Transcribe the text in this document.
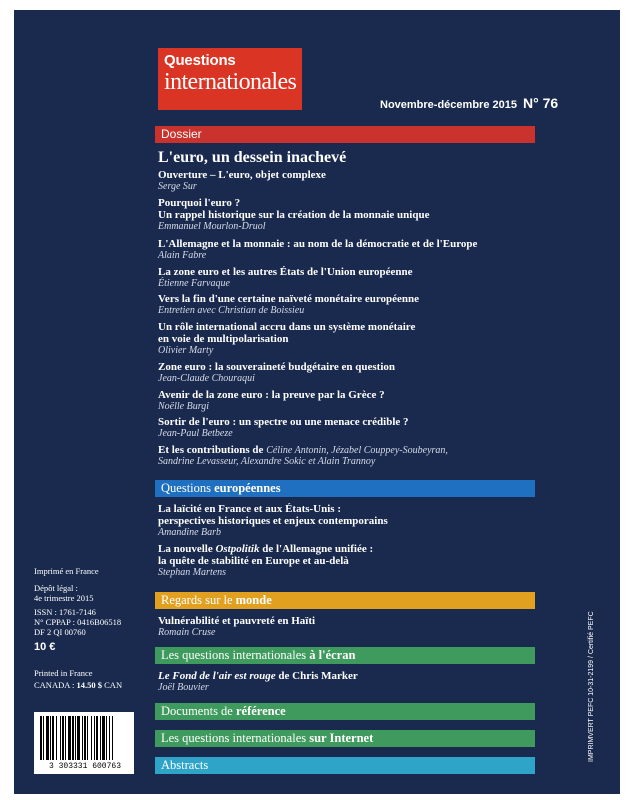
Questions
internationales
Novembre-décembre 2015 N° 76
Dossier
L'euro, un dessein inachevé
Ouverture – L'euro, objet complexe
Serge Sur
Pourquoi l'euro ?
Un rappel historique sur la création de la monnaie unique
Emmanuel Mourlon-Druol
L'Allemagne et la monnaie : au nom de la démocratie et de l'Europe
Alain Fabre
La zone euro et les autres États de l'Union européenne
Étienne Farvaque
Vers la fin d'une certaine naïveté monétaire européenne
Entretien avec Christian de Boissieu
Un rôle international accru dans un système monétaire
en voie de multipolarisation
Olivier Marty
Zone euro : la souveraineté budgétaire en question
Jean-Claude Chouraqui
Avenir de la zone euro : la preuve par la Grèce ?
Noëlle Burgi
Sortir de l'euro : un spectre ou une menace crédible ?
Jean-Paul Betbeze
Et les contributions de Céline Antonin, Jézabel Couppey-Soubeyran,
Sandrine Levasseur, Alexandre Sokic et Alain Trannoy
Questions européennes
La laïcité en France et aux États-Unis :
perspectives historiques et enjeux contemporains
Amandine Barb
La nouvelle Ostpolitik de l'Allemagne unifiée :
la quête de stabilité en Europe et au-delà
Stephan Martens
Regards sur le monde
Vulnérabilité et pauvreté en Haïti
Romain Cruse
Les questions internationales à l'écran
Le Fond de l'air est rouge de Chris Marker
Joël Bouvier
Documents de référence
Les questions internationales sur Internet
Abstracts
Imprimé en France
Dépôt légal :
4e trimestre 2015
ISSN : 1761-7146
N° CPPAP : 0416B06518
DF 2 QI 00760
10 €
Printed in France
CANADA : 14.50 $ CAN
3 303331 600763
IMPRIMVERT PEFC 10-31-2199 / Certifié PEFC
